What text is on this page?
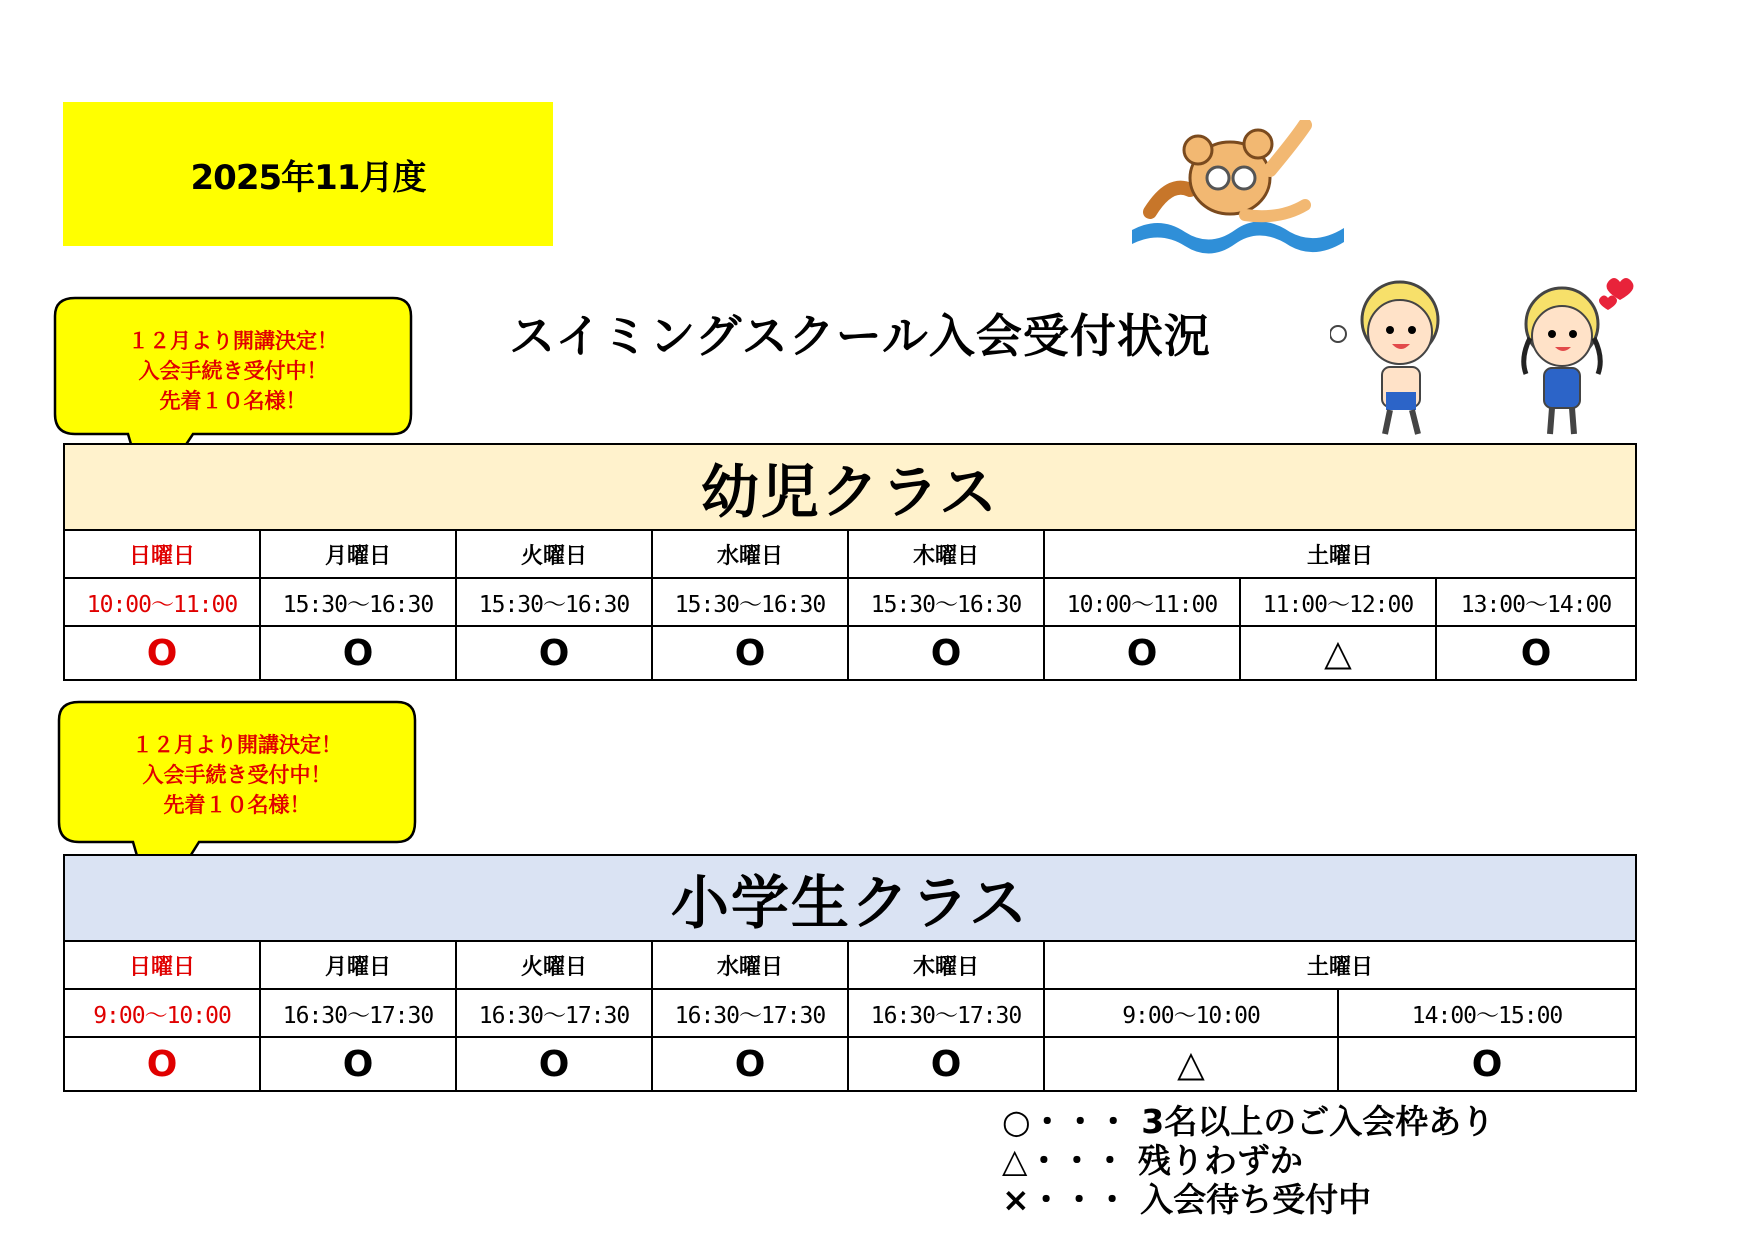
2025年11月度
スイミングスクール入会受付状況
１２月より開講決定！
入会手続き受付中！
先着１０名様！
幼児クラス							
日曜日	月曜日	火曜日	水曜日	木曜日	土曜日		
10:00〜11:00	15:30〜16:30	15:30〜16:30	15:30〜16:30	15:30〜16:30	10:00〜11:00	11:00〜12:00	13:00〜14:00
O	O	O	O	O	O	△	O
１２月より開講決定！
入会手続き受付中！
先着１０名様！
小学生クラス						
日曜日	月曜日	火曜日	水曜日	木曜日	土曜日	
9:00〜10:00	16:30〜17:30	16:30〜17:30	16:30〜17:30	16:30〜17:30	9:00〜10:00	14:00〜15:00
O	O	O	O	O	△	O
○・・・ 3名以上のご入会枠あり
△・・・ 残りわずか
×・・・ 入会待ち受付中
